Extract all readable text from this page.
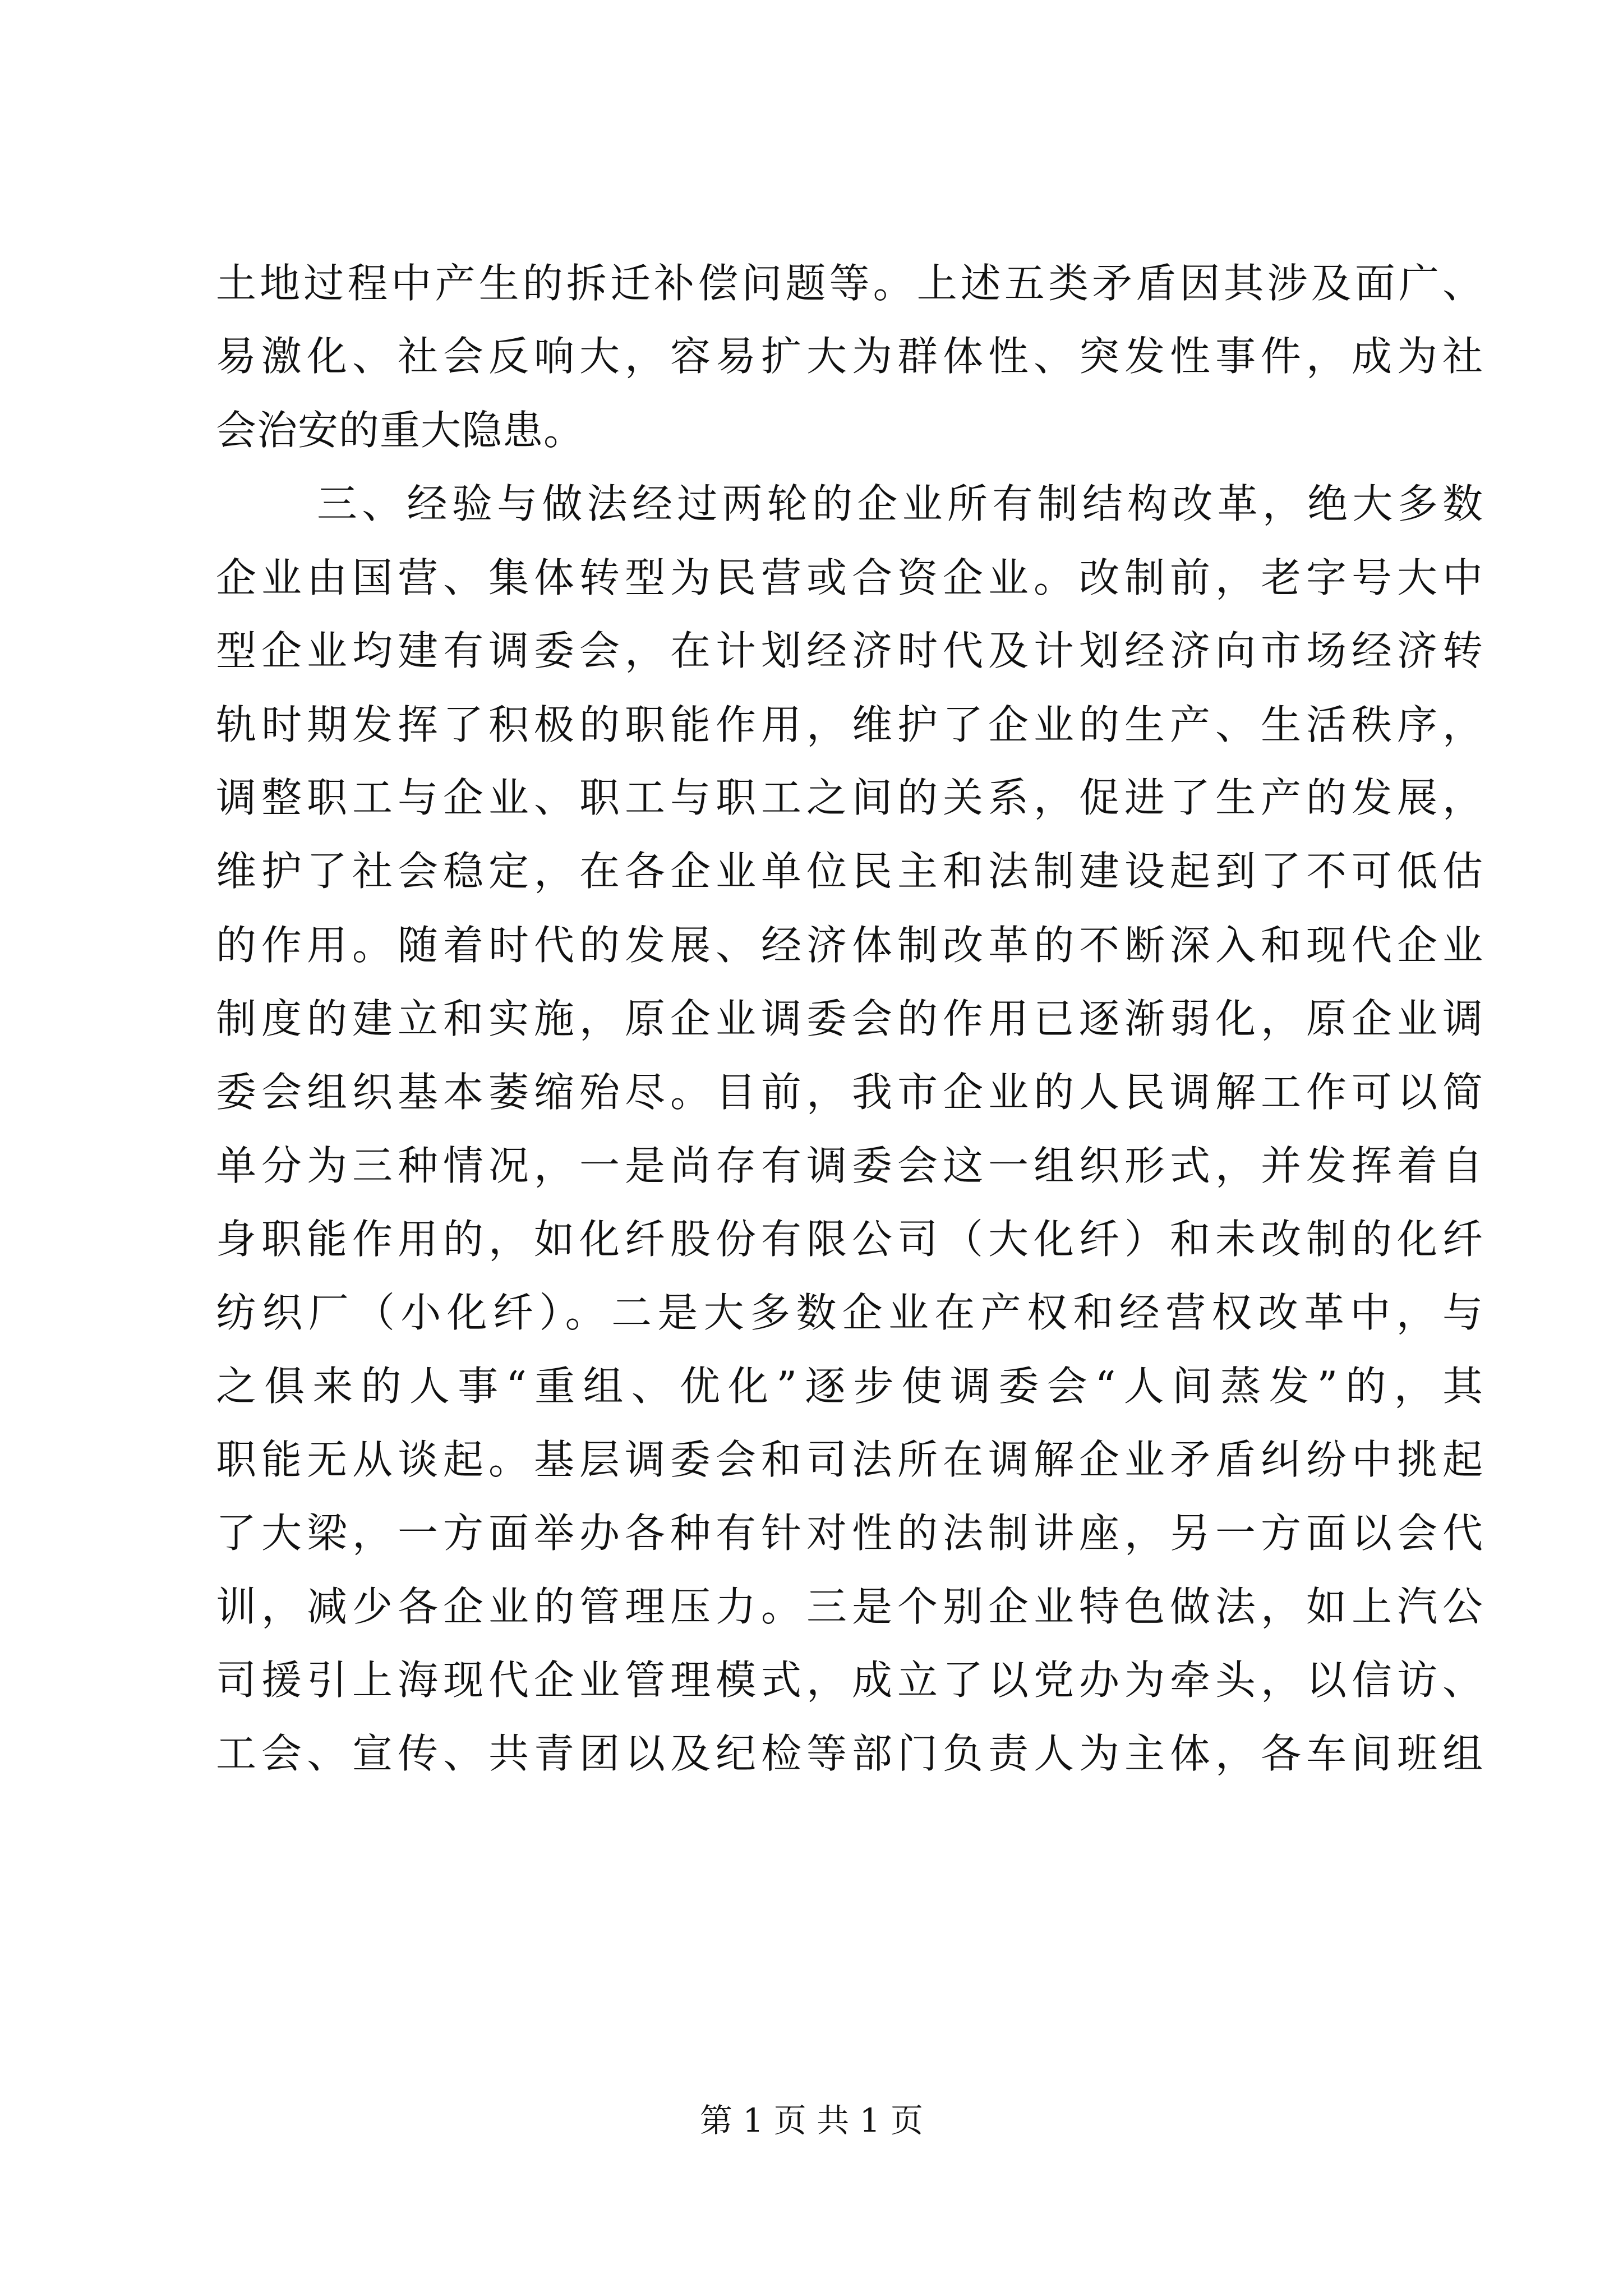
土地过程中产生的拆迁补偿问题等。上述五类矛盾因其涉及面广、
易激化、社会反响大，容易扩大为群体性、突发性事件，成为社
会治安的重大隐患。
三、经验与做法经过两轮的企业所有制结构改革，绝大多数
企业由国营、集体转型为民营或合资企业。改制前，老字号大中
型企业均建有调委会，在计划经济时代及计划经济向市场经济转
轨时期发挥了积极的职能作用，维护了企业的生产、生活秩序，
调整职工与企业、职工与职工之间的关系，促进了生产的发展，
维护了社会稳定，在各企业单位民主和法制建设起到了不可低估
的作用。随着时代的发展、经济体制改革的不断深入和现代企业
制度的建立和实施，原企业调委会的作用已逐渐弱化，原企业调
委会组织基本萎缩殆尽。目前，我市企业的人民调解工作可以简
单分为三种情况，一是尚存有调委会这一组织形式，并发挥着自
身职能作用的，如化纤股份有限公司（大化纤）和未改制的化纤
纺织厂（小化纤）。二是大多数企业在产权和经营权改革中，与
之俱来的人事“重组、优化”逐步使调委会“人间蒸发”的，其
职能无从谈起。基层调委会和司法所在调解企业矛盾纠纷中挑起
了大梁，一方面举办各种有针对性的法制讲座，另一方面以会代
训，减少各企业的管理压力。三是个别企业特色做法，如上汽公
司援引上海现代企业管理模式，成立了以党办为牵头，以信访、
工会、宣传、共青团以及纪检等部门负责人为主体，各车间班组
第 1 页 共 1 页
